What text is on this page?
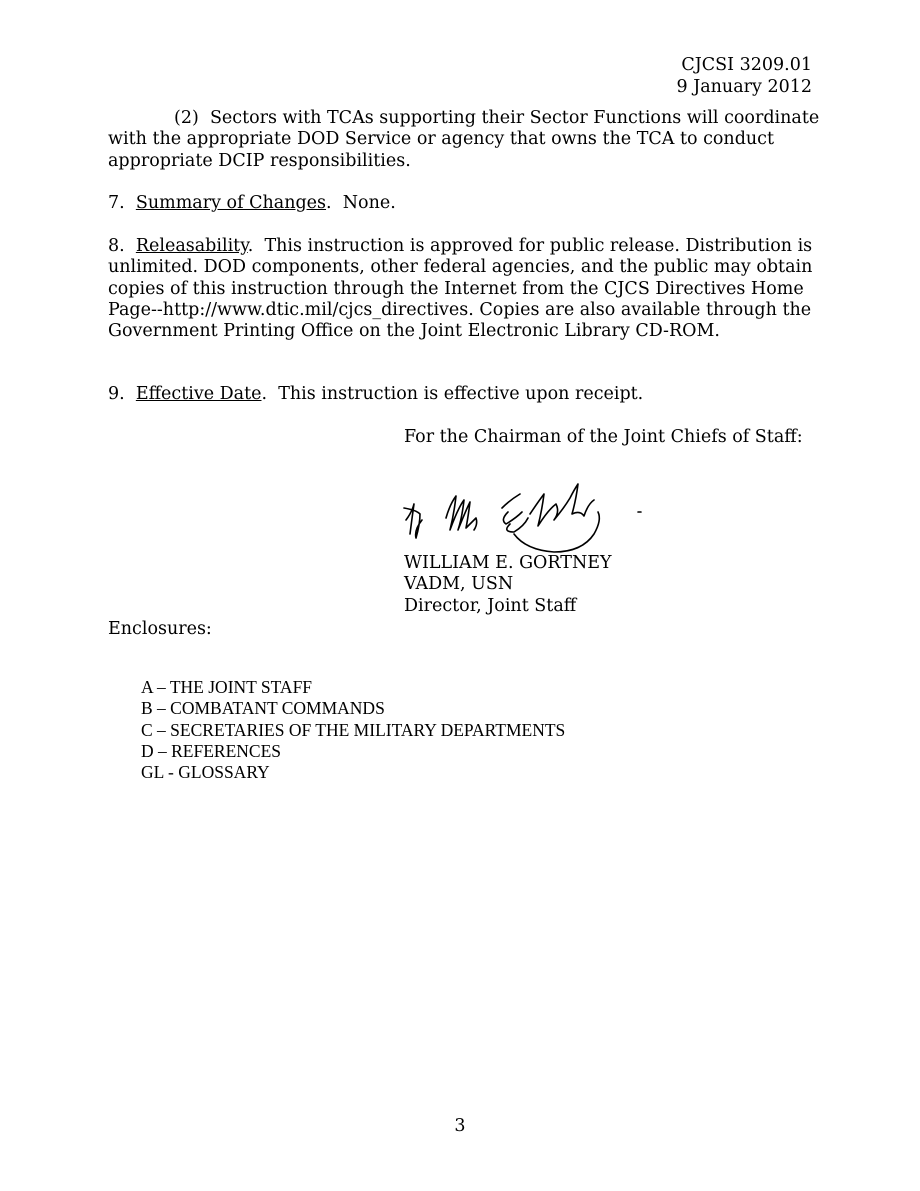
CJCSI 3209.01
9 January 2012
(2) Sectors with TCAs supporting their Sector Functions will coordinate with the appropriate DOD Service or agency that owns the TCA to conduct appropriate DCIP responsibilities.
7. Summary of Changes.  None.
8. Releasability.  This instruction is approved for public release. Distribution is unlimited. DOD components, other federal agencies, and the public may obtain copies of this instruction through the Internet from the CJCS Directives Home Page--http://www.dtic.mil/cjcs_directives. Copies are also available through the Government Printing Office on the Joint Electronic Library CD-ROM.
9. Effective Date.  This instruction is effective upon receipt.
For the Chairman of the Joint Chiefs of Staff:
WILLIAM E. GORTNEY
VADM, USN
Director, Joint Staff
Enclosures:
A – THE JOINT STAFF
B – COMBATANT COMMANDS
C – SECRETARIES OF THE MILITARY DEPARTMENTS
D – REFERENCES
GL - GLOSSARY
3
